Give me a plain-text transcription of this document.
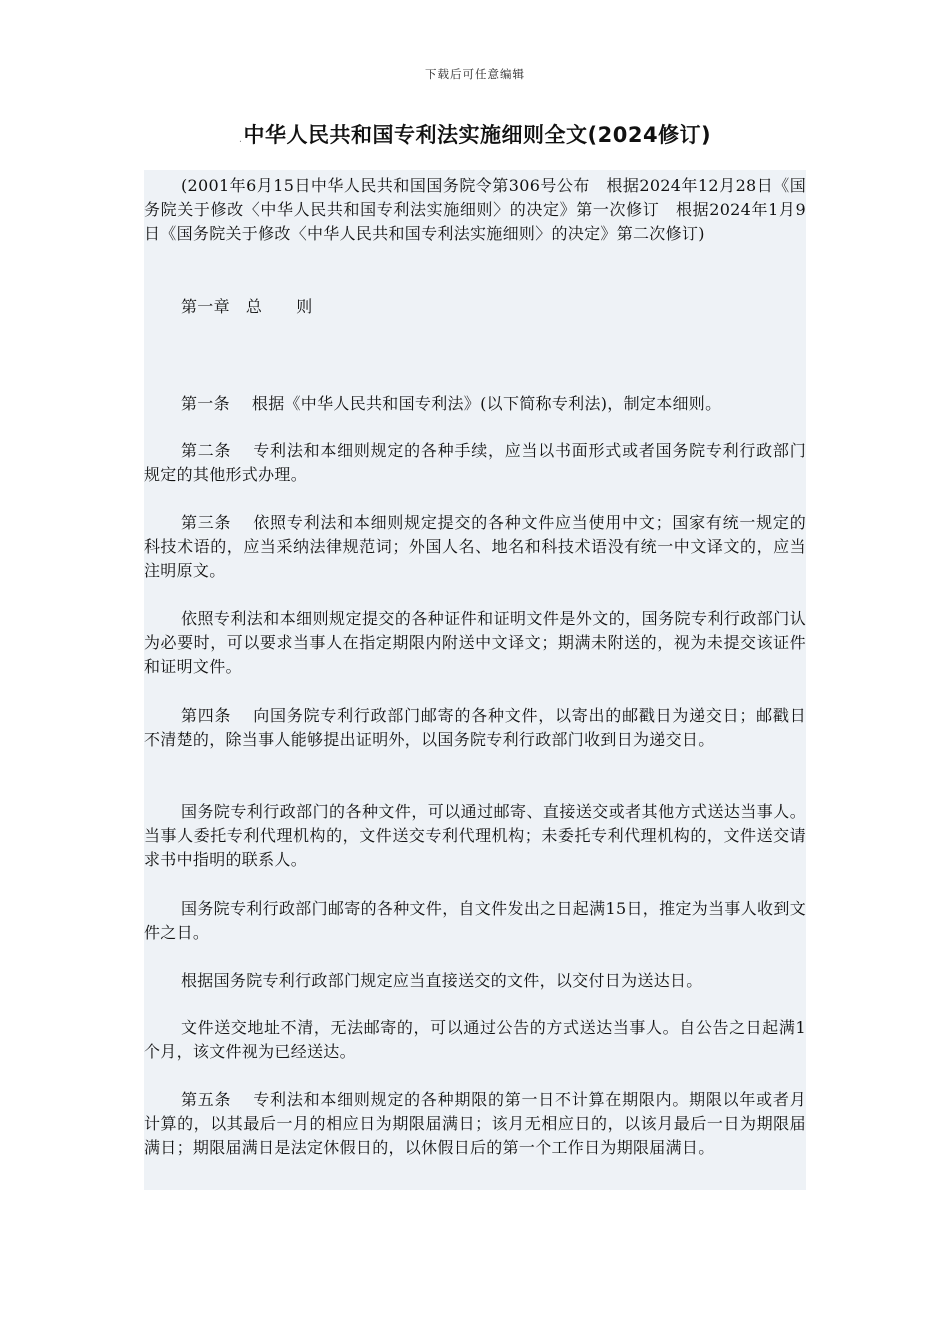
下载后可任意编辑
.中华人民共和国专利法实施细则全文(2024修订)

(2001年6月15日中华人民共和国国务院令第306号公布　根据2024年12月28日《国务院关于修改〈中华人民共和国专利法实施细则〉的决定》第一次修订　根据2024年1月9日《国务院关于修改〈中华人民共和国专利法实施细则〉的决定》第二次修订)

第一章 总 则

第一条 根据《中华人民共和国专利法》(以下简称专利法)，制定本细则。

第二条 专利法和本细则规定的各种手续，应当以书面形式或者国务院专利行政部门规定的其他形式办理。

第三条 依照专利法和本细则规定提交的各种文件应当使用中文；国家有统一规定的科技术语的，应当采纳法律规范词；外国人名、地名和科技术语没有统一中文译文的，应当注明原文。

依照专利法和本细则规定提交的各种证件和证明文件是外文的，国务院专利行政部门认为必要时，可以要求当事人在指定期限内附送中文译文；期满未附送的，视为未提交该证件和证明文件。

第四条 向国务院专利行政部门邮寄的各种文件，以寄出的邮戳日为递交日；邮戳日不清楚的，除当事人能够提出证明外，以国务院专利行政部门收到日为递交日。

国务院专利行政部门的各种文件，可以通过邮寄、直接送交或者其他方式送达当事人。当事人委托专利代理机构的，文件送交专利代理机构；未委托专利代理机构的，文件送交请求书中指明的联系人。

国务院专利行政部门邮寄的各种文件，自文件发出之日起满15日，推定为当事人收到文件之日。

根据国务院专利行政部门规定应当直接送交的文件，以交付日为送达日。

文件送交地址不清，无法邮寄的，可以通过公告的方式送达当事人。自公告之日起满1个月，该文件视为已经送达。

第五条 专利法和本细则规定的各种期限的第一日不计算在期限内。期限以年或者月计算的，以其最后一月的相应日为期限届满日；该月无相应日的，以该月最后一日为期限届满日；期限届满日是法定休假日的，以休假日后的第一个工作日为期限届满日。
